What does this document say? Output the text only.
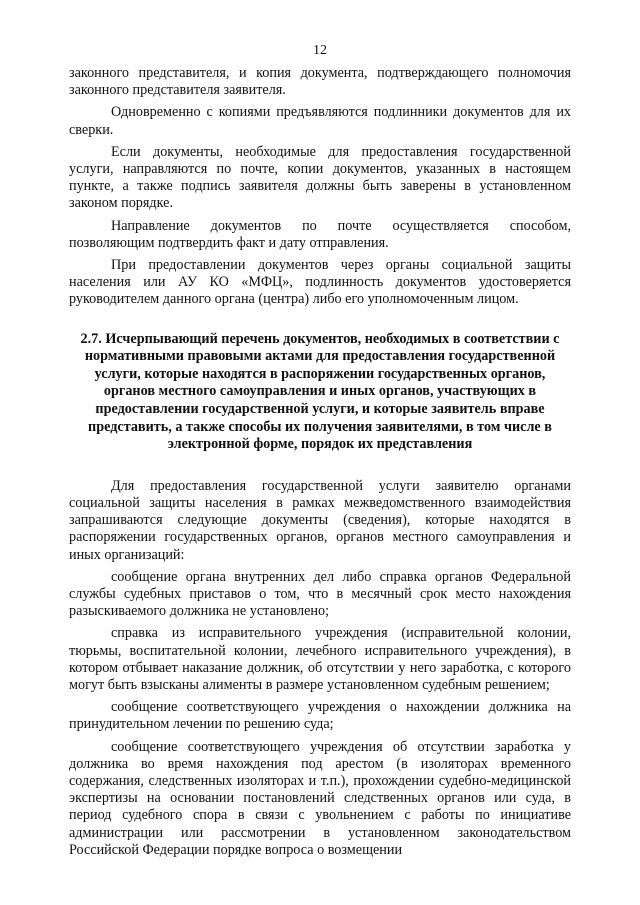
12

законного представителя, и копия документа, подтверждающего полномочия законного представителя заявителя.

Одновременно с копиями предъявляются подлинники документов для их сверки.

Если документы, необходимые для предоставления государственной услуги, направляются по почте, копии документов, указанных в настоящем пункте, а также подпись заявителя должны быть заверены в установленном законом порядке.

Направление документов по почте осуществляется способом, позволяющим подтвердить факт и дату отправления.

При предоставлении документов через органы социальной защиты населения или АУ КО «МФЦ», подлинность документов удостоверяется руководителем данного органа (центра) либо его уполномоченным лицом.

2.7. Исчерпывающий перечень документов, необходимых в соответствии с нормативными правовыми актами для предоставления государственной услуги, которые находятся в распоряжении государственных органов, органов местного самоуправления и иных органов, участвующих в предоставлении государственной услуги, и которые заявитель вправе представить, а также способы их получения заявителями, в том числе в электронной форме, порядок их представления

Для предоставления государственной услуги заявителю органами социальной защиты населения в рамках межведомственного взаимодействия запрашиваются следующие документы (сведения), которые находятся в распоряжении государственных органов, органов местного самоуправления и иных организаций:

сообщение органа внутренних дел либо справка органов Федеральной службы судебных приставов о том, что в месячный срок место нахождения разыскиваемого должника не установлено;

справка из исправительного учреждения (исправительной колонии, тюрьмы, воспитательной колонии, лечебного исправительного учреждения), в котором отбывает наказание должник, об отсутствии у него заработка, с которого могут быть взысканы алименты в размере установленном судебным решением;

сообщение соответствующего учреждения о нахождении должника на принудительном лечении по решению суда;

сообщение соответствующего учреждения об отсутствии заработка у должника во время нахождения под арестом (в изоляторах временного содержания, следственных изоляторах и т.п.), прохождении судебно-медицинской экспертизы на основании постановлений следственных органов или суда, в период судебного спора в связи с увольнением с работы по инициативе администрации или рассмотрении в установленном законодательством Российской Федерации порядке вопроса о возмещении
